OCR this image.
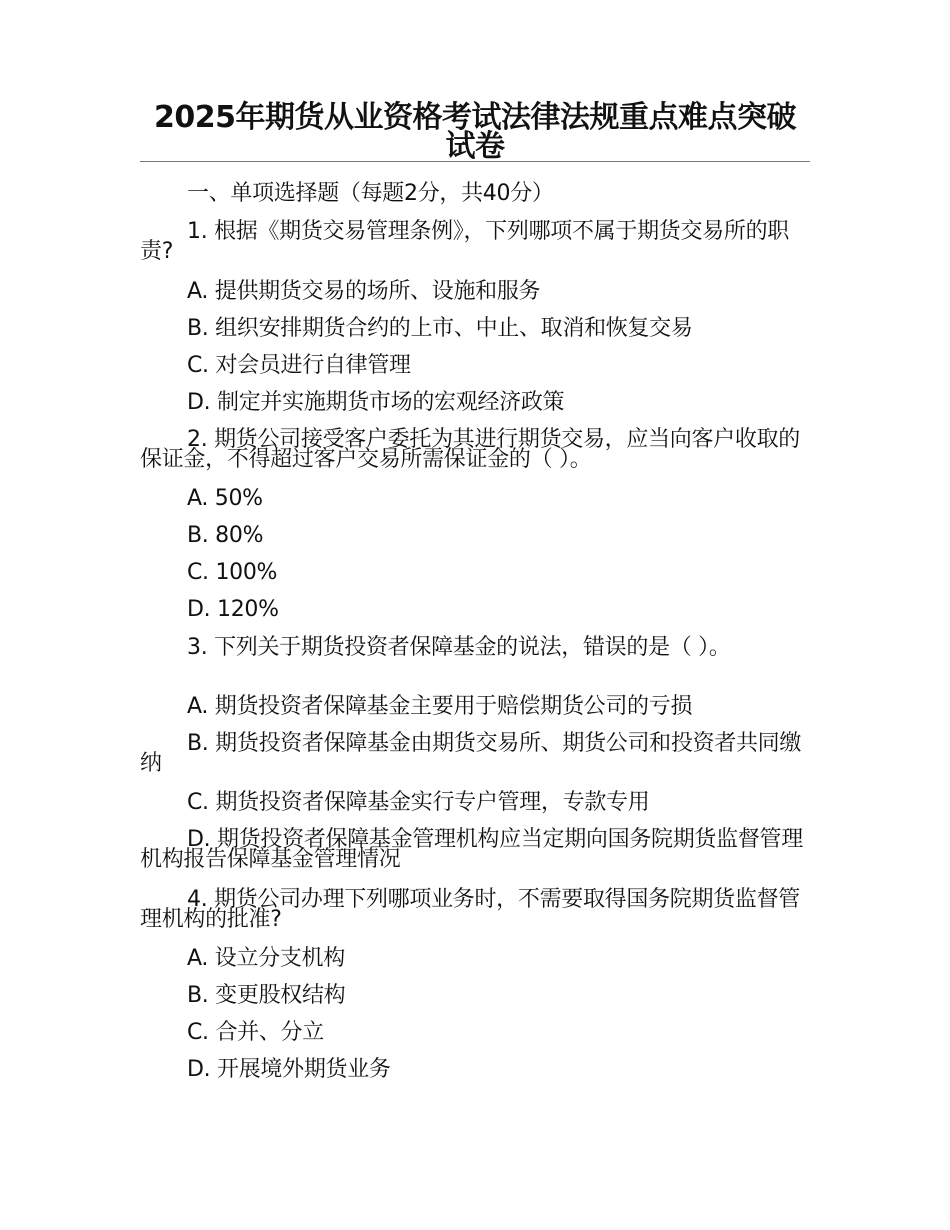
2025年期货从业资格考试法律法规重点难点突破试卷
一、单项选择题（每题2分，共40分）
1. 根据《期货交易管理条例》，下列哪项不属于期货交易所的职责?
A. 提供期货交易的场所、设施和服务
B. 组织安排期货合约的上市、中止、取消和恢复交易
C. 对会员进行自律管理
D. 制定并实施期货市场的宏观经济政策
2. 期货公司接受客户委托为其进行期货交易，应当向客户收取的保证金，不得超过客户交易所需保证金的（ ）。
A. 50%
B. 80%
C. 100%
D. 120%
3. 下列关于期货投资者保障基金的说法，错误的是（ ）。
A. 期货投资者保障基金主要用于赔偿期货公司的亏损
B. 期货投资者保障基金由期货交易所、期货公司和投资者共同缴纳
C. 期货投资者保障基金实行专户管理，专款专用
D. 期货投资者保障基金管理机构应当定期向国务院期货监督管理机构报告保障基金管理情况
4. 期货公司办理下列哪项业务时，不需要取得国务院期货监督管理机构的批准?
A. 设立分支机构
B. 变更股权结构
C. 合并、分立
D. 开展境外期货业务
